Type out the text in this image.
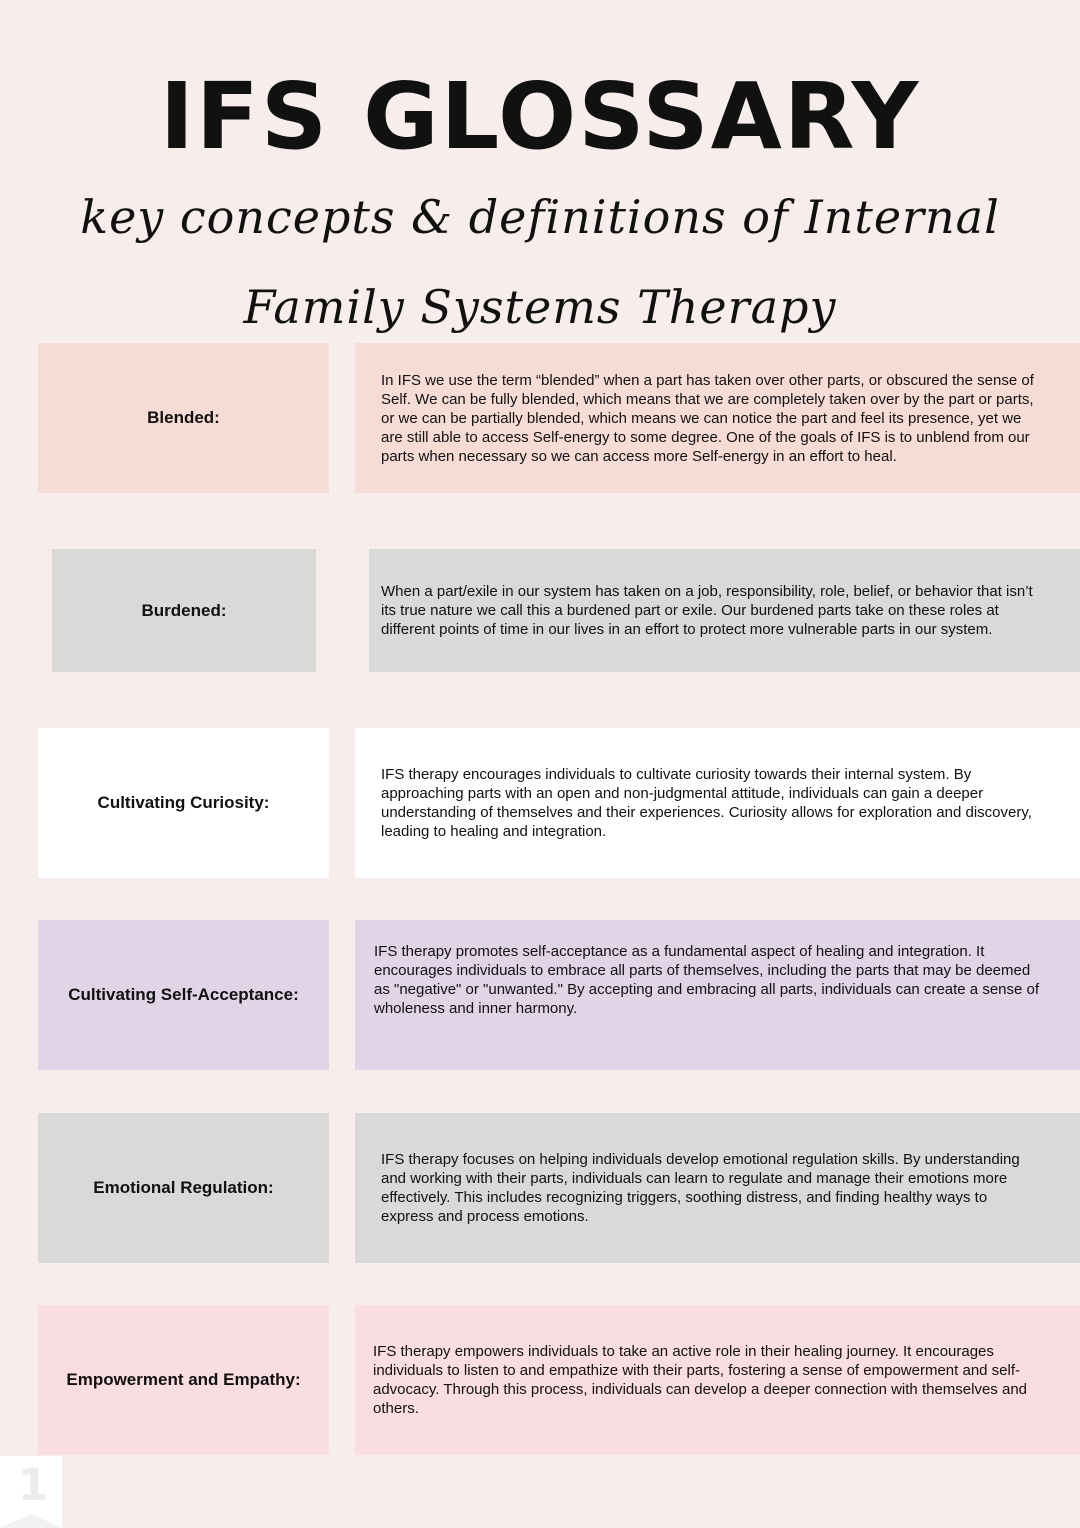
IFS GLOSSARY
key concepts & definitions of Internal Family Systems Therapy
Blended:
In IFS we use the term “blended” when a part has taken over other parts, or obscured the sense of Self. We can be fully blended, which means that we are completely taken over by the part or parts, or we can be partially blended, which means we can notice the part and feel its presence, yet we are still able to access Self-energy to some degree. One of the goals of IFS is to unblend from our parts when necessary so we can access more Self-energy in an effort to heal.
Burdened:
When a part/exile in our system has taken on a job, responsibility, role, belief, or behavior that isn’t its true nature we call this a burdened part or exile. Our burdened parts take on these roles at different points of time in our lives in an effort to protect more vulnerable parts in our system.
Cultivating Curiosity:
IFS therapy encourages individuals to cultivate curiosity towards their internal system. By approaching parts with an open and non-judgmental attitude, individuals can gain a deeper understanding of themselves and their experiences. Curiosity allows for exploration and discovery, leading to healing and integration.
Cultivating Self-Acceptance:
IFS therapy promotes self-acceptance as a fundamental aspect of healing and integration. It encourages individuals to embrace all parts of themselves, including the parts that may be deemed as "negative" or "unwanted." By accepting and embracing all parts, individuals can create a sense of wholeness and inner harmony.
Emotional Regulation:
IFS therapy focuses on helping individuals develop emotional regulation skills. By understanding and working with their parts, individuals can learn to regulate and manage their emotions more effectively. This includes recognizing triggers, soothing distress, and finding healthy ways to express and process emotions.
Empowerment and Empathy:
IFS therapy empowers individuals to take an active role in their healing journey. It encourages individuals to listen to and empathize with their parts, fostering a sense of empowerment and self-advocacy. Through this process, individuals can develop a deeper connection with themselves and others.
1
